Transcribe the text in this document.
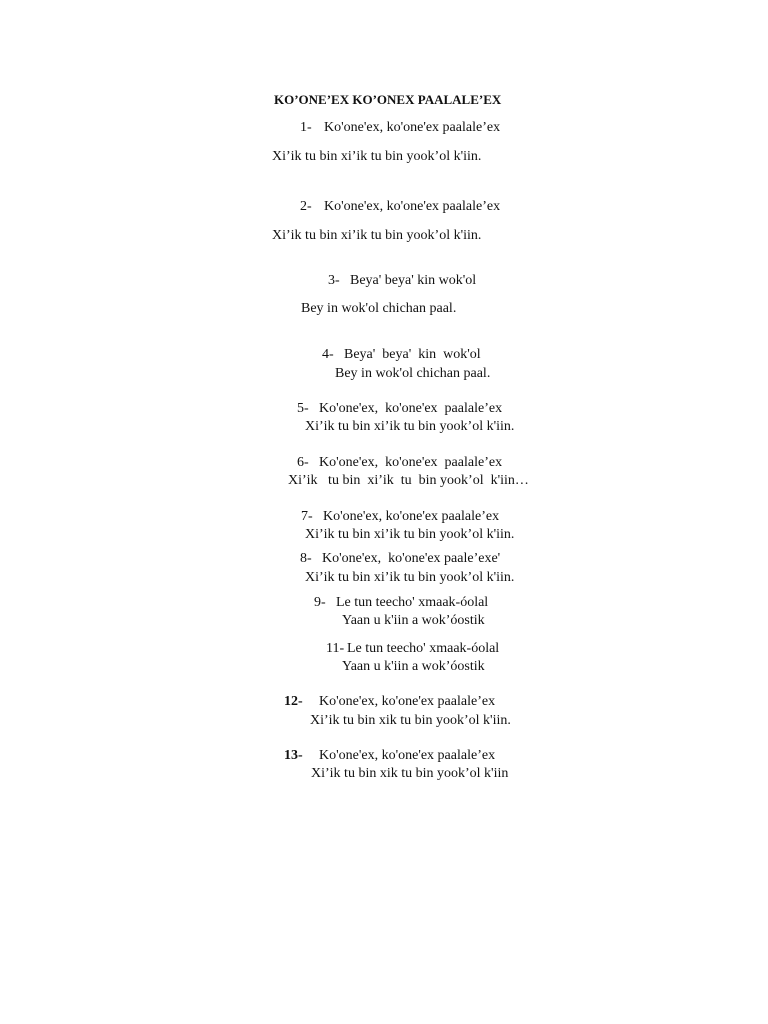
KO’ONE’EX KO’ONEX PAALALE’EX
1- Ko'one'ex, ko'one'ex paalale’ex
Xi’ik tu bin xi’ik tu bin yook’ol k'iin.
2- Ko'one'ex, ko'one'ex paalale’ex
Xi’ik tu bin xi’ik tu bin yook’ol k'iin.
3- Beya' beya' kin wok'ol
Bey in wok'ol chichan paal.
4- Beya'  beya'  kin  wok'ol
Bey in wok'ol chichan paal.
5- Ko'one'ex,  ko'one'ex  paalale’ex
Xi’ik tu bin xi’ik tu bin yook’ol k'iin.
6- Ko'one'ex,  ko'one'ex  paalale’ex
Xi’ik   tu bin  xi’ik  tu  bin yook’ol  k'iin…
7- Ko'one'ex, ko'one'ex paalale’ex
Xi’ik tu bin xi’ik tu bin yook’ol k'iin.
8- Ko'one'ex,  ko'one'ex paale’exe'
Xi’ik tu bin xi’ik tu bin yook’ol k'iin.
9- Le tun teecho' xmaak-óolal
Yaan u k'iin a wok’óostik
11- Le tun teecho' xmaak-óolal
Yaan u k'iin a wok’óostik
12- Ko'one'ex, ko'one'ex paalale’ex
Xi’ik tu bin xik tu bin yook’ol k'iin.
13- Ko'one'ex, ko'one'ex paalale’ex
Xi’ik tu bin xik tu bin yook’ol k'iin
